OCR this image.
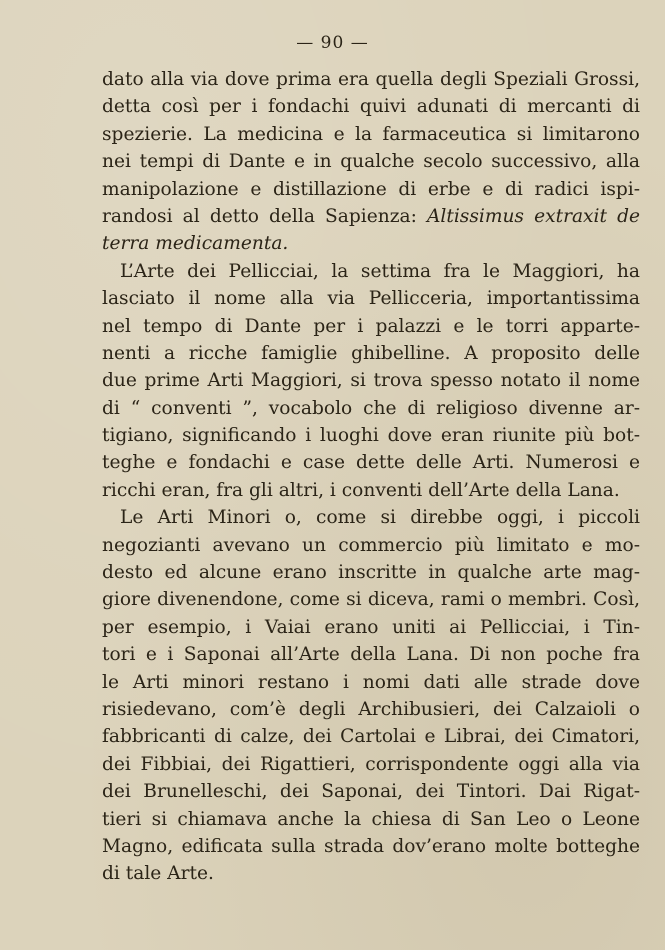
— 90 —
dato alla via dove prima era quella degli Speziali Grossi,
detta così per i fondachi quivi adunati di mercanti di
spezierie. La medicina e la farmaceutica si limitarono
nei tempi di Dante e in qualche secolo successivo, alla
manipolazione e distillazione di erbe e di radici ispi-
randosi al detto della Sapienza: Altissimus extraxit de
terra medicamenta.
L’Arte dei Pellicciai, la settima fra le Maggiori, ha
lasciato il nome alla via Pellicceria, importantissima
nel tempo di Dante per i palazzi e le torri apparte-
nenti a ricche famiglie ghibelline. A proposito delle
due prime Arti Maggiori, si trova spesso notato il nome
di “ conventi ”, vocabolo che di religioso divenne ar-
tigiano, significando i luoghi dove eran riunite più bot-
teghe e fondachi e case dette delle Arti. Numerosi e
ricchi eran, fra gli altri, i conventi dell’Arte della Lana.
Le Arti Minori o, come si direbbe oggi, i piccoli
negozianti avevano un commercio più limitato e mo-
desto ed alcune erano inscritte in qualche arte mag-
giore divenendone, come si diceva, rami o membri. Così,
per esempio, i Vaiai erano uniti ai Pellicciai, i Tin-
tori e i Saponai all’Arte della Lana. Di non poche fra
le Arti minori restano i nomi dati alle strade dove
risiedevano, com’è degli Archibusieri, dei Calzaioli o
fabbricanti di calze, dei Cartolai e Librai, dei Cimatori,
dei Fibbiai, dei Rigattieri, corrispondente oggi alla via
dei Brunelleschi, dei Saponai, dei Tintori. Dai Rigat-
tieri si chiamava anche la chiesa di San Leo o Leone
Magno, edificata sulla strada dov’erano molte botteghe
di tale Arte.
